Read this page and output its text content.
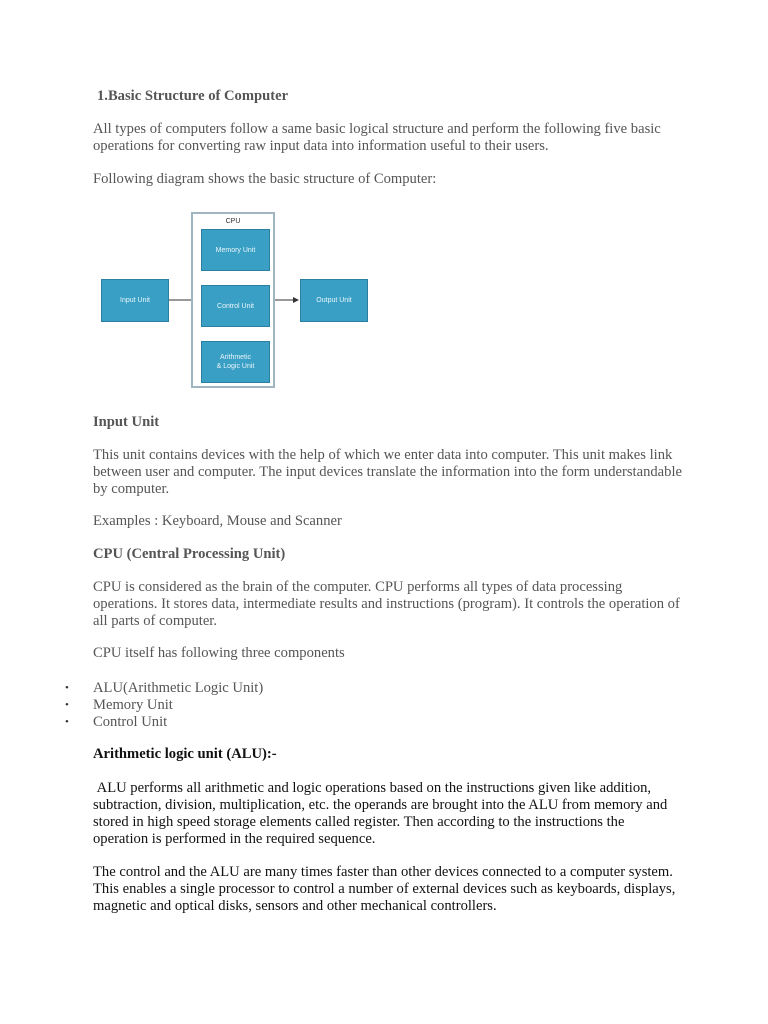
1.Basic Structure of Computer

All types of computers follow a same basic logical structure and perform the following five basic operations for converting raw input data into information useful to their users.

Following diagram shows the basic structure of Computer:

CPU
Memory Unit
Control Unit
Arithmetic
& Logic Unit
Input Unit	Output Unit

Input Unit

This unit contains devices with the help of which we enter data into computer. This unit makes link between user and computer. The input devices translate the information into the form understandable by computer.

Examples : Keyboard, Mouse and Scanner

CPU (Central Processing Unit)

CPU is considered as the brain of the computer. CPU performs all types of data processing operations. It stores data, intermediate results and instructions (program). It controls the operation of all parts of computer.

CPU itself has following three components

• ALU(Arithmetic Logic Unit)
• Memory Unit
• Control Unit

Arithmetic logic unit (ALU):-

ALU performs all arithmetic and logic operations based on the instructions given like addition, subtraction, division, multiplication, etc. the operands are brought into the ALU from memory and stored in high speed storage elements called register. Then according to the instructions the operation is performed in the required sequence.

The control and the ALU are many times faster than other devices connected to a computer system. This enables a single processor to control a number of external devices such as keyboards, displays, magnetic and optical disks, sensors and other mechanical controllers.
